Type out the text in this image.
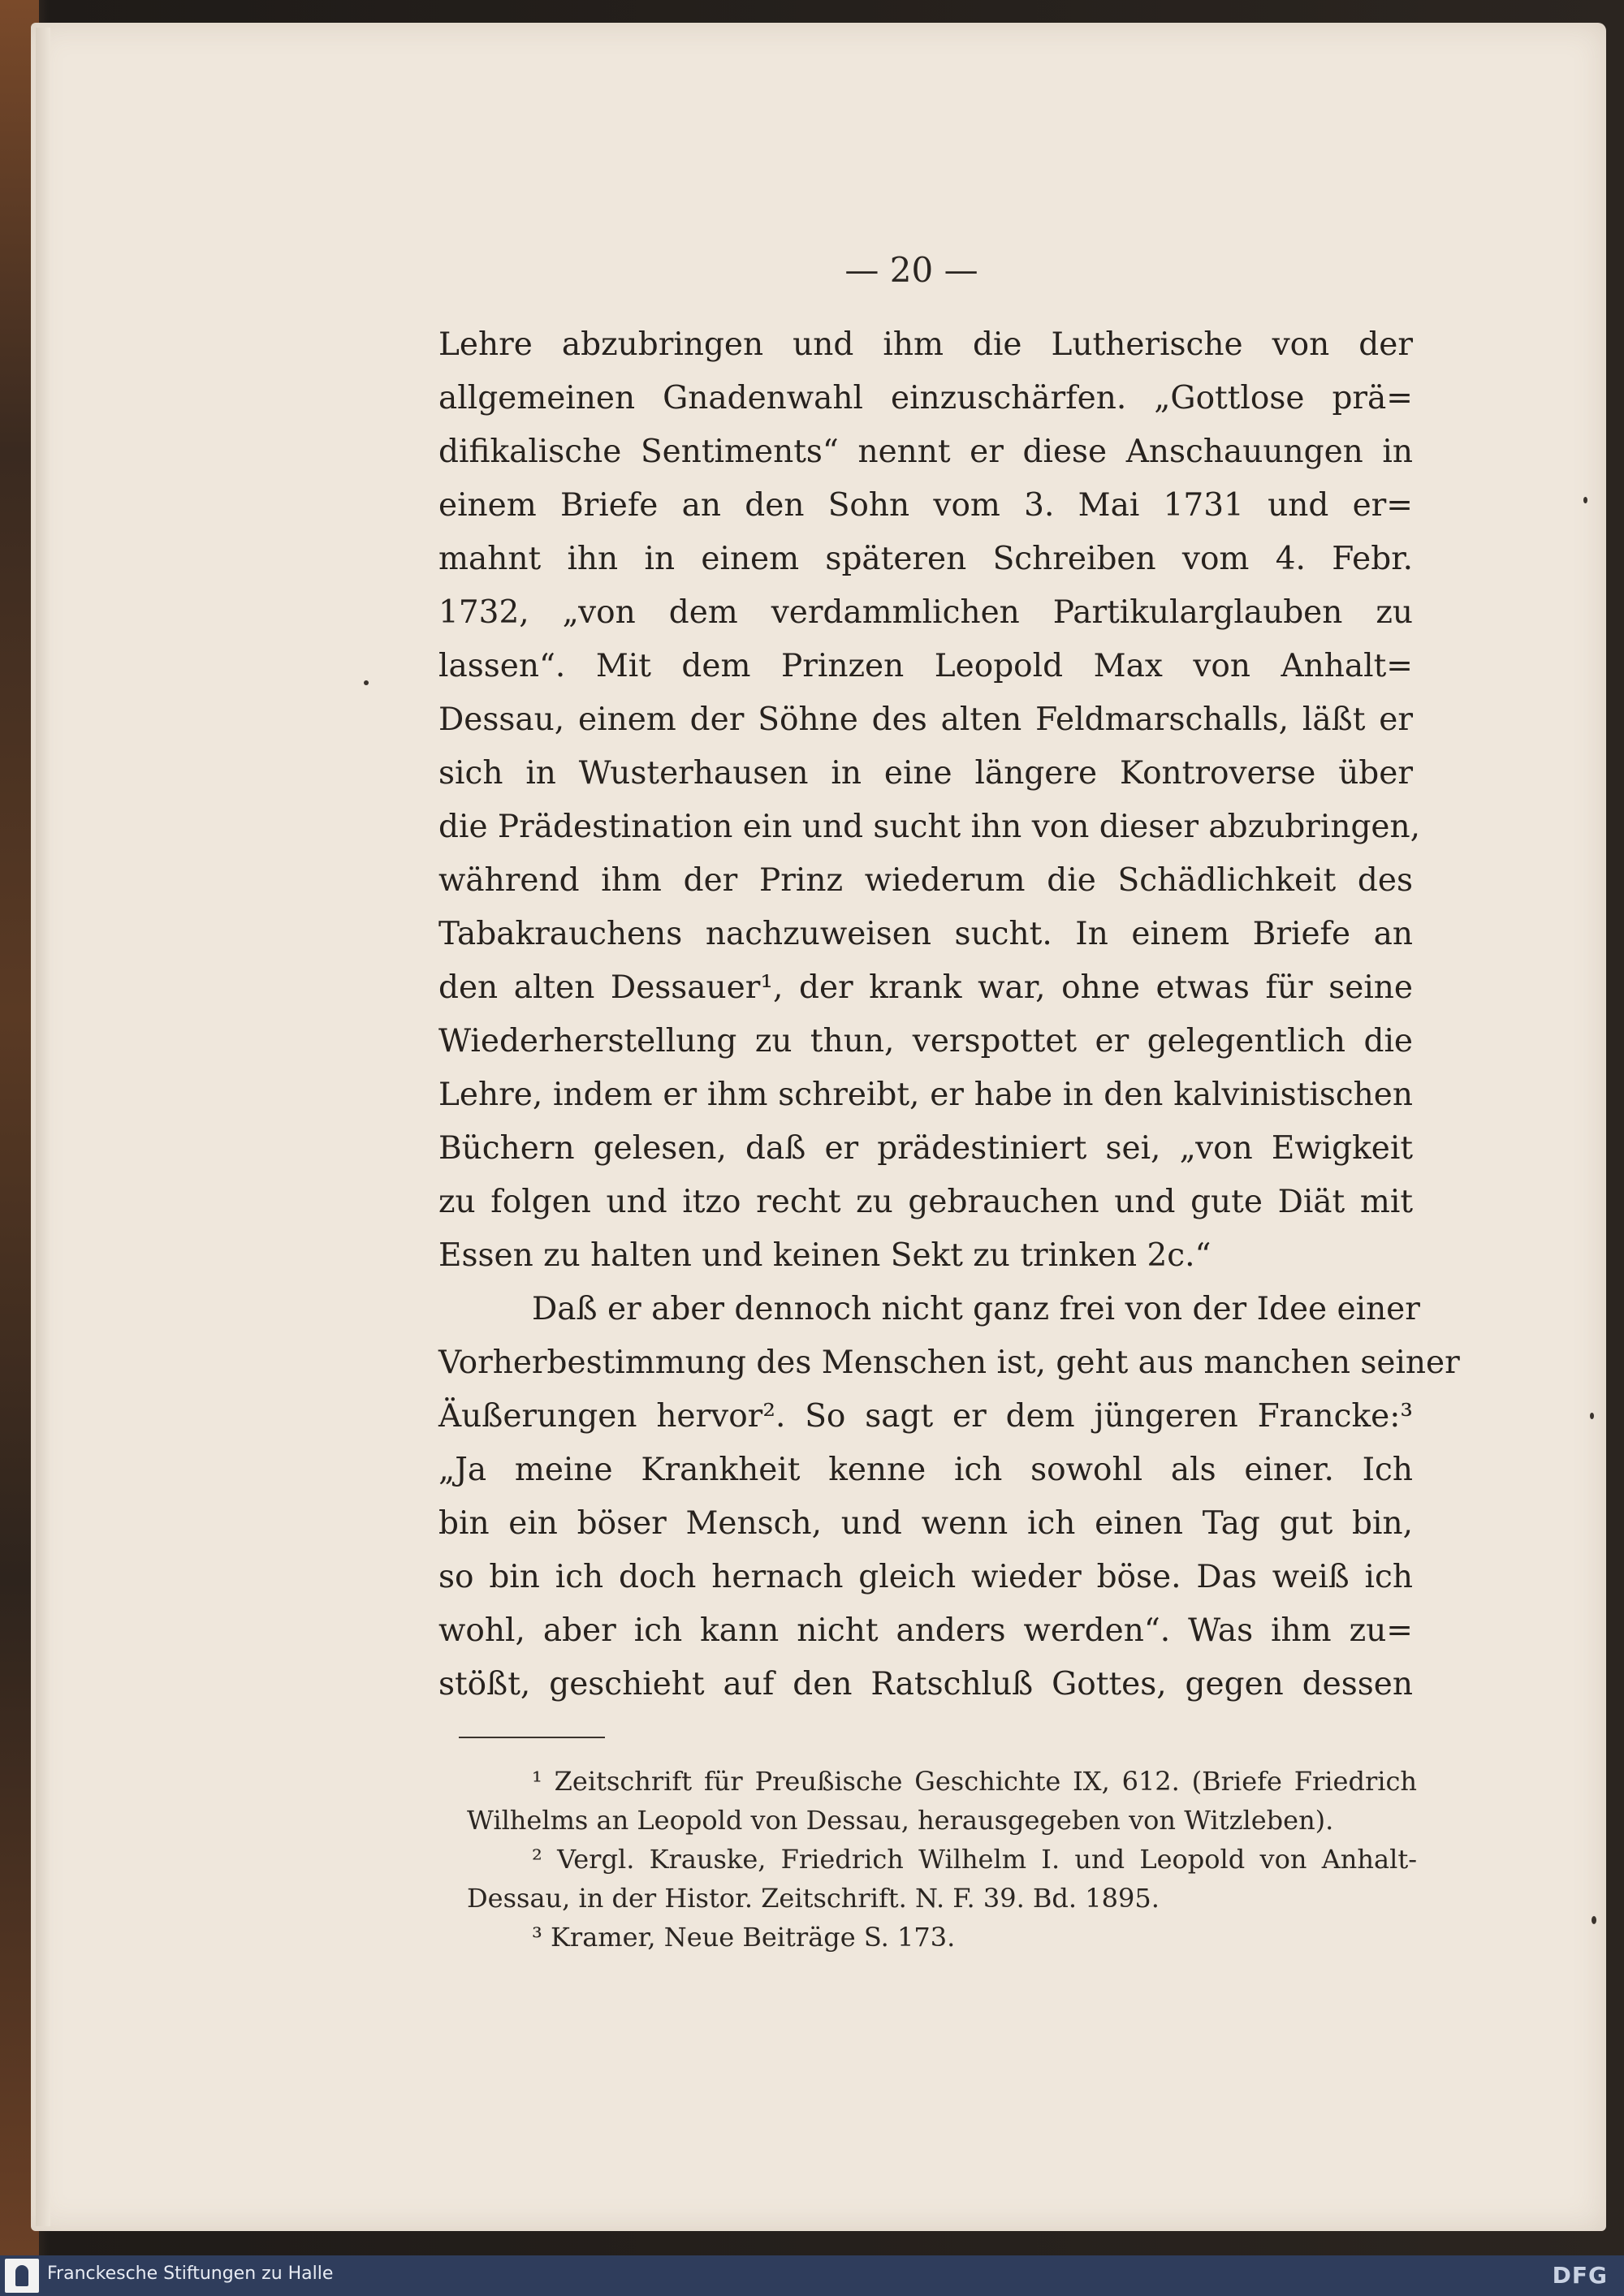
— 20 —
Lehre abzubringen und ihm die Lutherische von der
allgemeinen Gnadenwahl einzuschärfen. „Gottlose prä=
difikalische Sentiments“ nennt er diese Anschauungen in
einem Briefe an den Sohn vom 3. Mai 1731 und er=
mahnt ihn in einem späteren Schreiben vom 4. Febr.
1732, „von dem verdammlichen Partikularglauben zu
lassen“. Mit dem Prinzen Leopold Max von Anhalt=
Dessau, einem der Söhne des alten Feldmarschalls, läßt er
sich in Wusterhausen in eine längere Kontroverse über
die Prädestination ein und sucht ihn von dieser abzubringen,
während ihm der Prinz wiederum die Schädlichkeit des
Tabakrauchens nachzuweisen sucht. In einem Briefe an
den alten Dessauer¹, der krank war, ohne etwas für seine
Wiederherstellung zu thun, verspottet er gelegentlich die
Lehre, indem er ihm schreibt, er habe in den kalvinistischen
Büchern gelesen, daß er prädestiniert sei, „von Ewigkeit
zu folgen und itzo recht zu gebrauchen und gute Diät mit
Essen zu halten und keinen Sekt zu trinken 2c.“
Daß er aber dennoch nicht ganz frei von der Idee einer
Vorherbestimmung des Menschen ist, geht aus manchen seiner
Äußerungen hervor². So sagt er dem jüngeren Francke:³
„Ja meine Krankheit kenne ich sowohl als einer. Ich
bin ein böser Mensch, und wenn ich einen Tag gut bin,
so bin ich doch hernach gleich wieder böse. Das weiß ich
wohl, aber ich kann nicht anders werden“. Was ihm zu=
stößt, geschieht auf den Ratschluß Gottes, gegen dessen
¹ Zeitschrift für Preußische Geschichte IX, 612. (Briefe Friedrich
Wilhelms an Leopold von Dessau, herausgegeben von Witzleben).
² Vergl. Krauske, Friedrich Wilhelm I. und Leopold von Anhalt-
Dessau, in der Histor. Zeitschrift. N. F. 39. Bd. 1895.
³ Kramer, Neue Beiträge S. 173.
Franckesche Stiftungen zu Halle	DFG
